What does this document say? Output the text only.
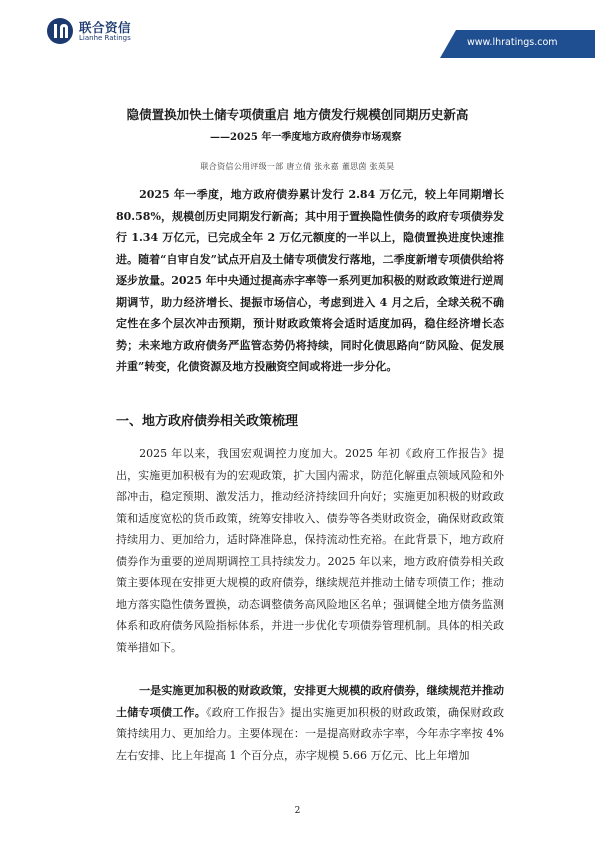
联合资信
Lianhe Ratings	www.lhratings.com
隐债置换加快土储专项债重启 地方债发行规模创同期历史新高
——2025 年一季度地方政府债券市场观察
联合资信公用评级一部 唐立倩 张永嘉 董思茵 张英昊

2025 年一季度，地方政府债券累计发行 2.84 万亿元，较上年同期增长 80.58%，规模创历史同期发行新高；其中用于置换隐性债务的政府专项债券发行 1.34 万亿元，已完成全年 2 万亿元额度的一半以上，隐债置换进度快速推进。随着“自审自发”试点开启及土储专项债发行落地，二季度新增专项债供给将逐步放量。2025 年中央通过提高赤字率等一系列更加积极的财政政策进行逆周期调节，助力经济增长、提振市场信心，考虑到进入 4 月之后，全球关税不确定性在多个层次冲击预期，预计财政政策将会适时适度加码，稳住经济增长态势；未来地方政府债务严监管态势仍将持续，同时化债思路向“防风险、促发展并重”转变，化债资源及地方投融资空间或将进一步分化。

一、地方政府债券相关政策梳理

2025 年以来，我国宏观调控力度加大。2025 年初《政府工作报告》提出，实施更加积极有为的宏观政策，扩大国内需求，防范化解重点领域风险和外部冲击，稳定预期、激发活力，推动经济持续回升向好；实施更加积极的财政政策和适度宽松的货币政策，统筹安排收入、债券等各类财政资金，确保财政政策持续用力、更加给力，适时降准降息，保持流动性充裕。在此背景下，地方政府债券作为重要的逆周期调控工具持续发力。2025 年以来，地方政府债券相关政策主要体现在安排更大规模的政府债券，继续规范并推动土储专项债工作；推动地方落实隐性债务置换，动态调整债务高风险地区名单；强调健全地方债务监测体系和政府债务风险指标体系，并进一步优化专项债券管理机制。具体的相关政策举措如下。

一是实施更加积极的财政政策，安排更大规模的政府债券，继续规范并推动土储专项债工作。《政府工作报告》提出实施更加积极的财政政策，确保财政政策持续用力、更加给力。主要体现在：一是提高财政赤字率，今年赤字率按 4%左右安排、比上年提高 1 个百分点，赤字规模 5.66 万亿元、比上年增加

2
